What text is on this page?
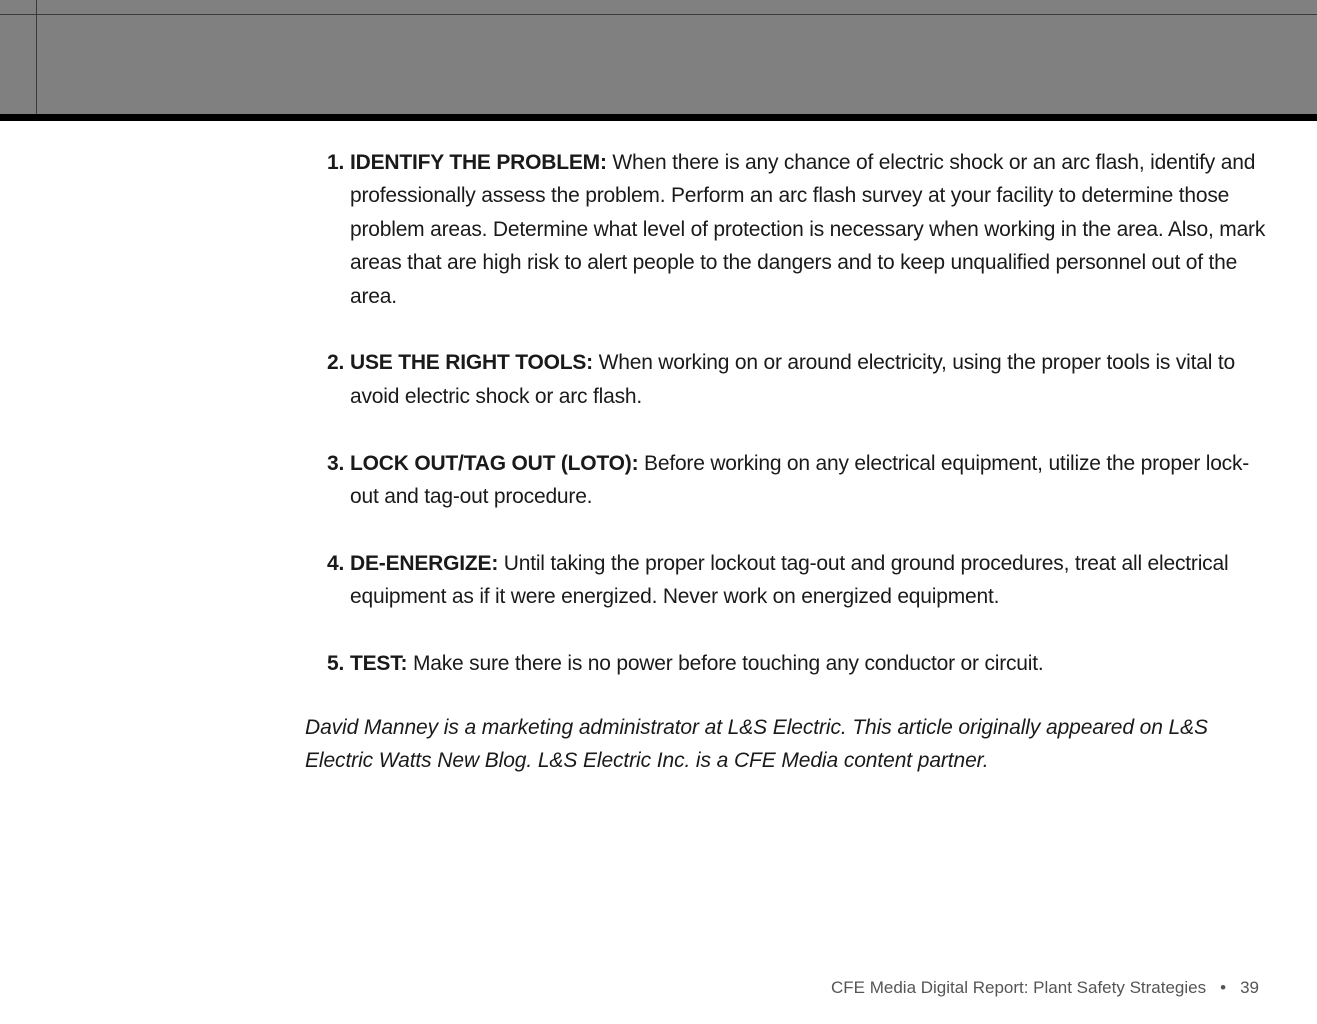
1. IDENTIFY THE PROBLEM: When there is any chance of electric shock or an arc flash, identify and professionally assess the problem. Perform an arc flash survey at your facility to determine those problem areas. Determine what level of protection is necessary when working in the area. Also, mark areas that are high risk to alert people to the dangers and to keep unqualified personnel out of the area.
2. USE THE RIGHT TOOLS: When working on or around electricity, using the proper tools is vital to avoid electric shock or arc flash.
3. LOCK OUT/TAG OUT (LOTO): Before working on any electrical equipment, utilize the proper lock-out and tag-out procedure.
4. DE-ENERGIZE: Until taking the proper lockout tag-out and ground procedures, treat all electrical equipment as if it were energized. Never work on energized equipment.
5. TEST: Make sure there is no power before touching any conductor or circuit.

David Manney is a marketing administrator at L&S Electric. This article originally appeared on L&S Electric Watts New Blog. L&S Electric Inc. is a CFE Media content partner.

CFE Media Digital Report: Plant Safety Strategies • 39
